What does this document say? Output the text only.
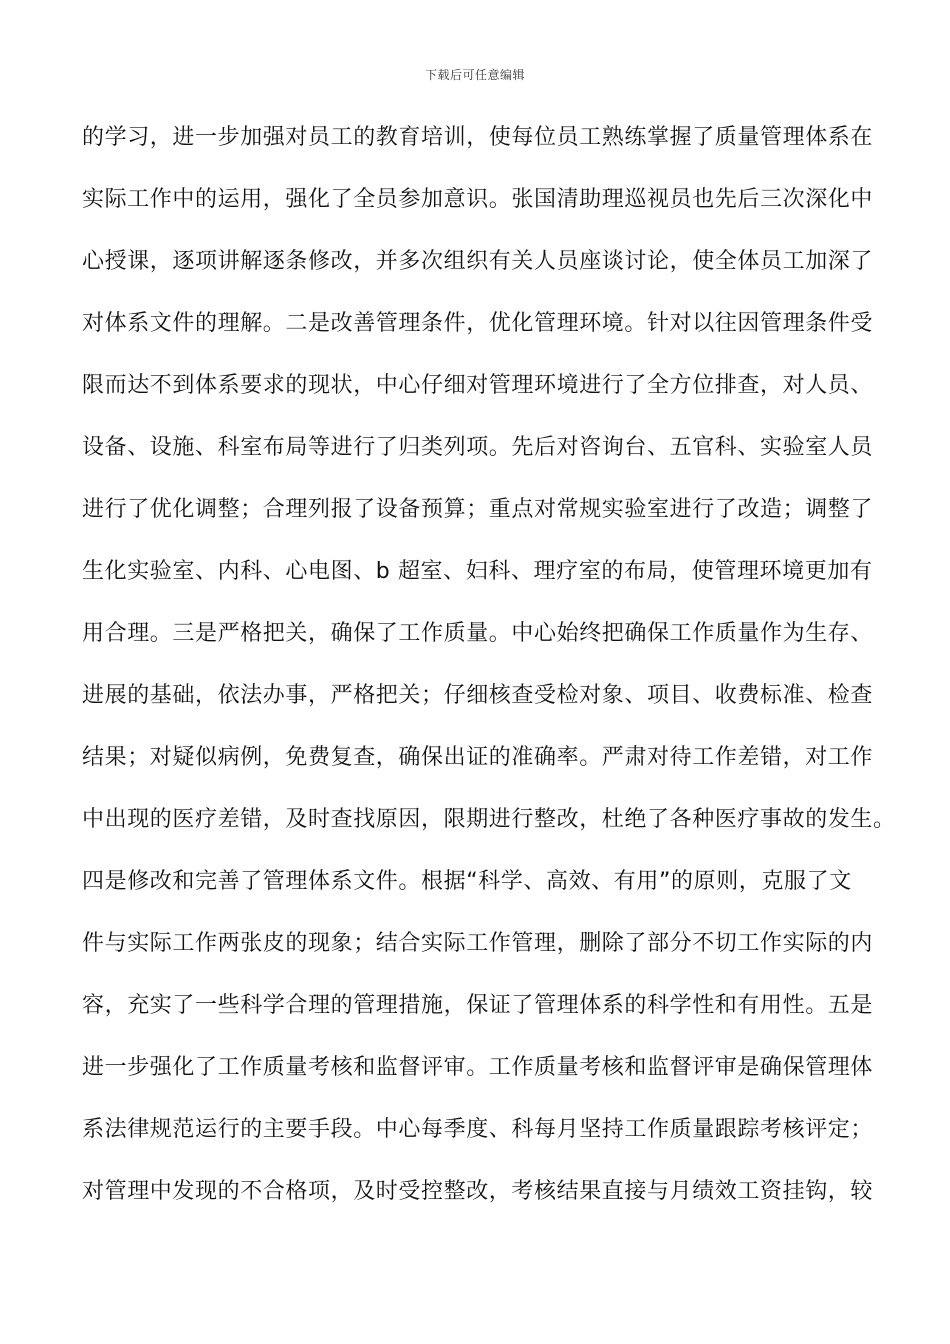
下载后可任意编辑
的学习，进一步加强对员工的教育培训，使每位员工熟练掌握了质量管理体系在
实际工作中的运用，强化了全员参加意识。张国清助理巡视员也先后三次深化中
心授课，逐项讲解逐条修改，并多次组织有关人员座谈讨论，使全体员工加深了
对体系文件的理解。二是改善管理条件，优化管理环境。针对以往因管理条件受
限而达不到体系要求的现状，中心仔细对管理环境进行了全方位排查，对人员、
设备、设施、科室布局等进行了归类列项。先后对咨询台、五官科、实验室人员
进行了优化调整；合理列报了设备预算；重点对常规实验室进行了改造；调整了
生化实验室、内科、心电图、b 超室、妇科、理疗室的布局，使管理环境更加有
用合理。三是严格把关，确保了工作质量。中心始终把确保工作质量作为生存、
进展的基础，依法办事，严格把关；仔细核查受检对象、项目、收费标准、检查
结果；对疑似病例，免费复查，确保出证的准确率。严肃对待工作差错，对工作
中出现的医疗差错，及时查找原因，限期进行整改，杜绝了各种医疗事故的发生。
四是修改和完善了管理体系文件。根据“科学、高效、有用”的原则，克服了文
件与实际工作两张皮的现象；结合实际工作管理，删除了部分不切工作实际的内
容，充实了一些科学合理的管理措施，保证了管理体系的科学性和有用性。五是
进一步强化了工作质量考核和监督评审。工作质量考核和监督评审是确保管理体
系法律规范运行的主要手段。中心每季度、科每月坚持工作质量跟踪考核评定；
对管理中发现的不合格项，及时受控整改，考核结果直接与月绩效工资挂钩，较
